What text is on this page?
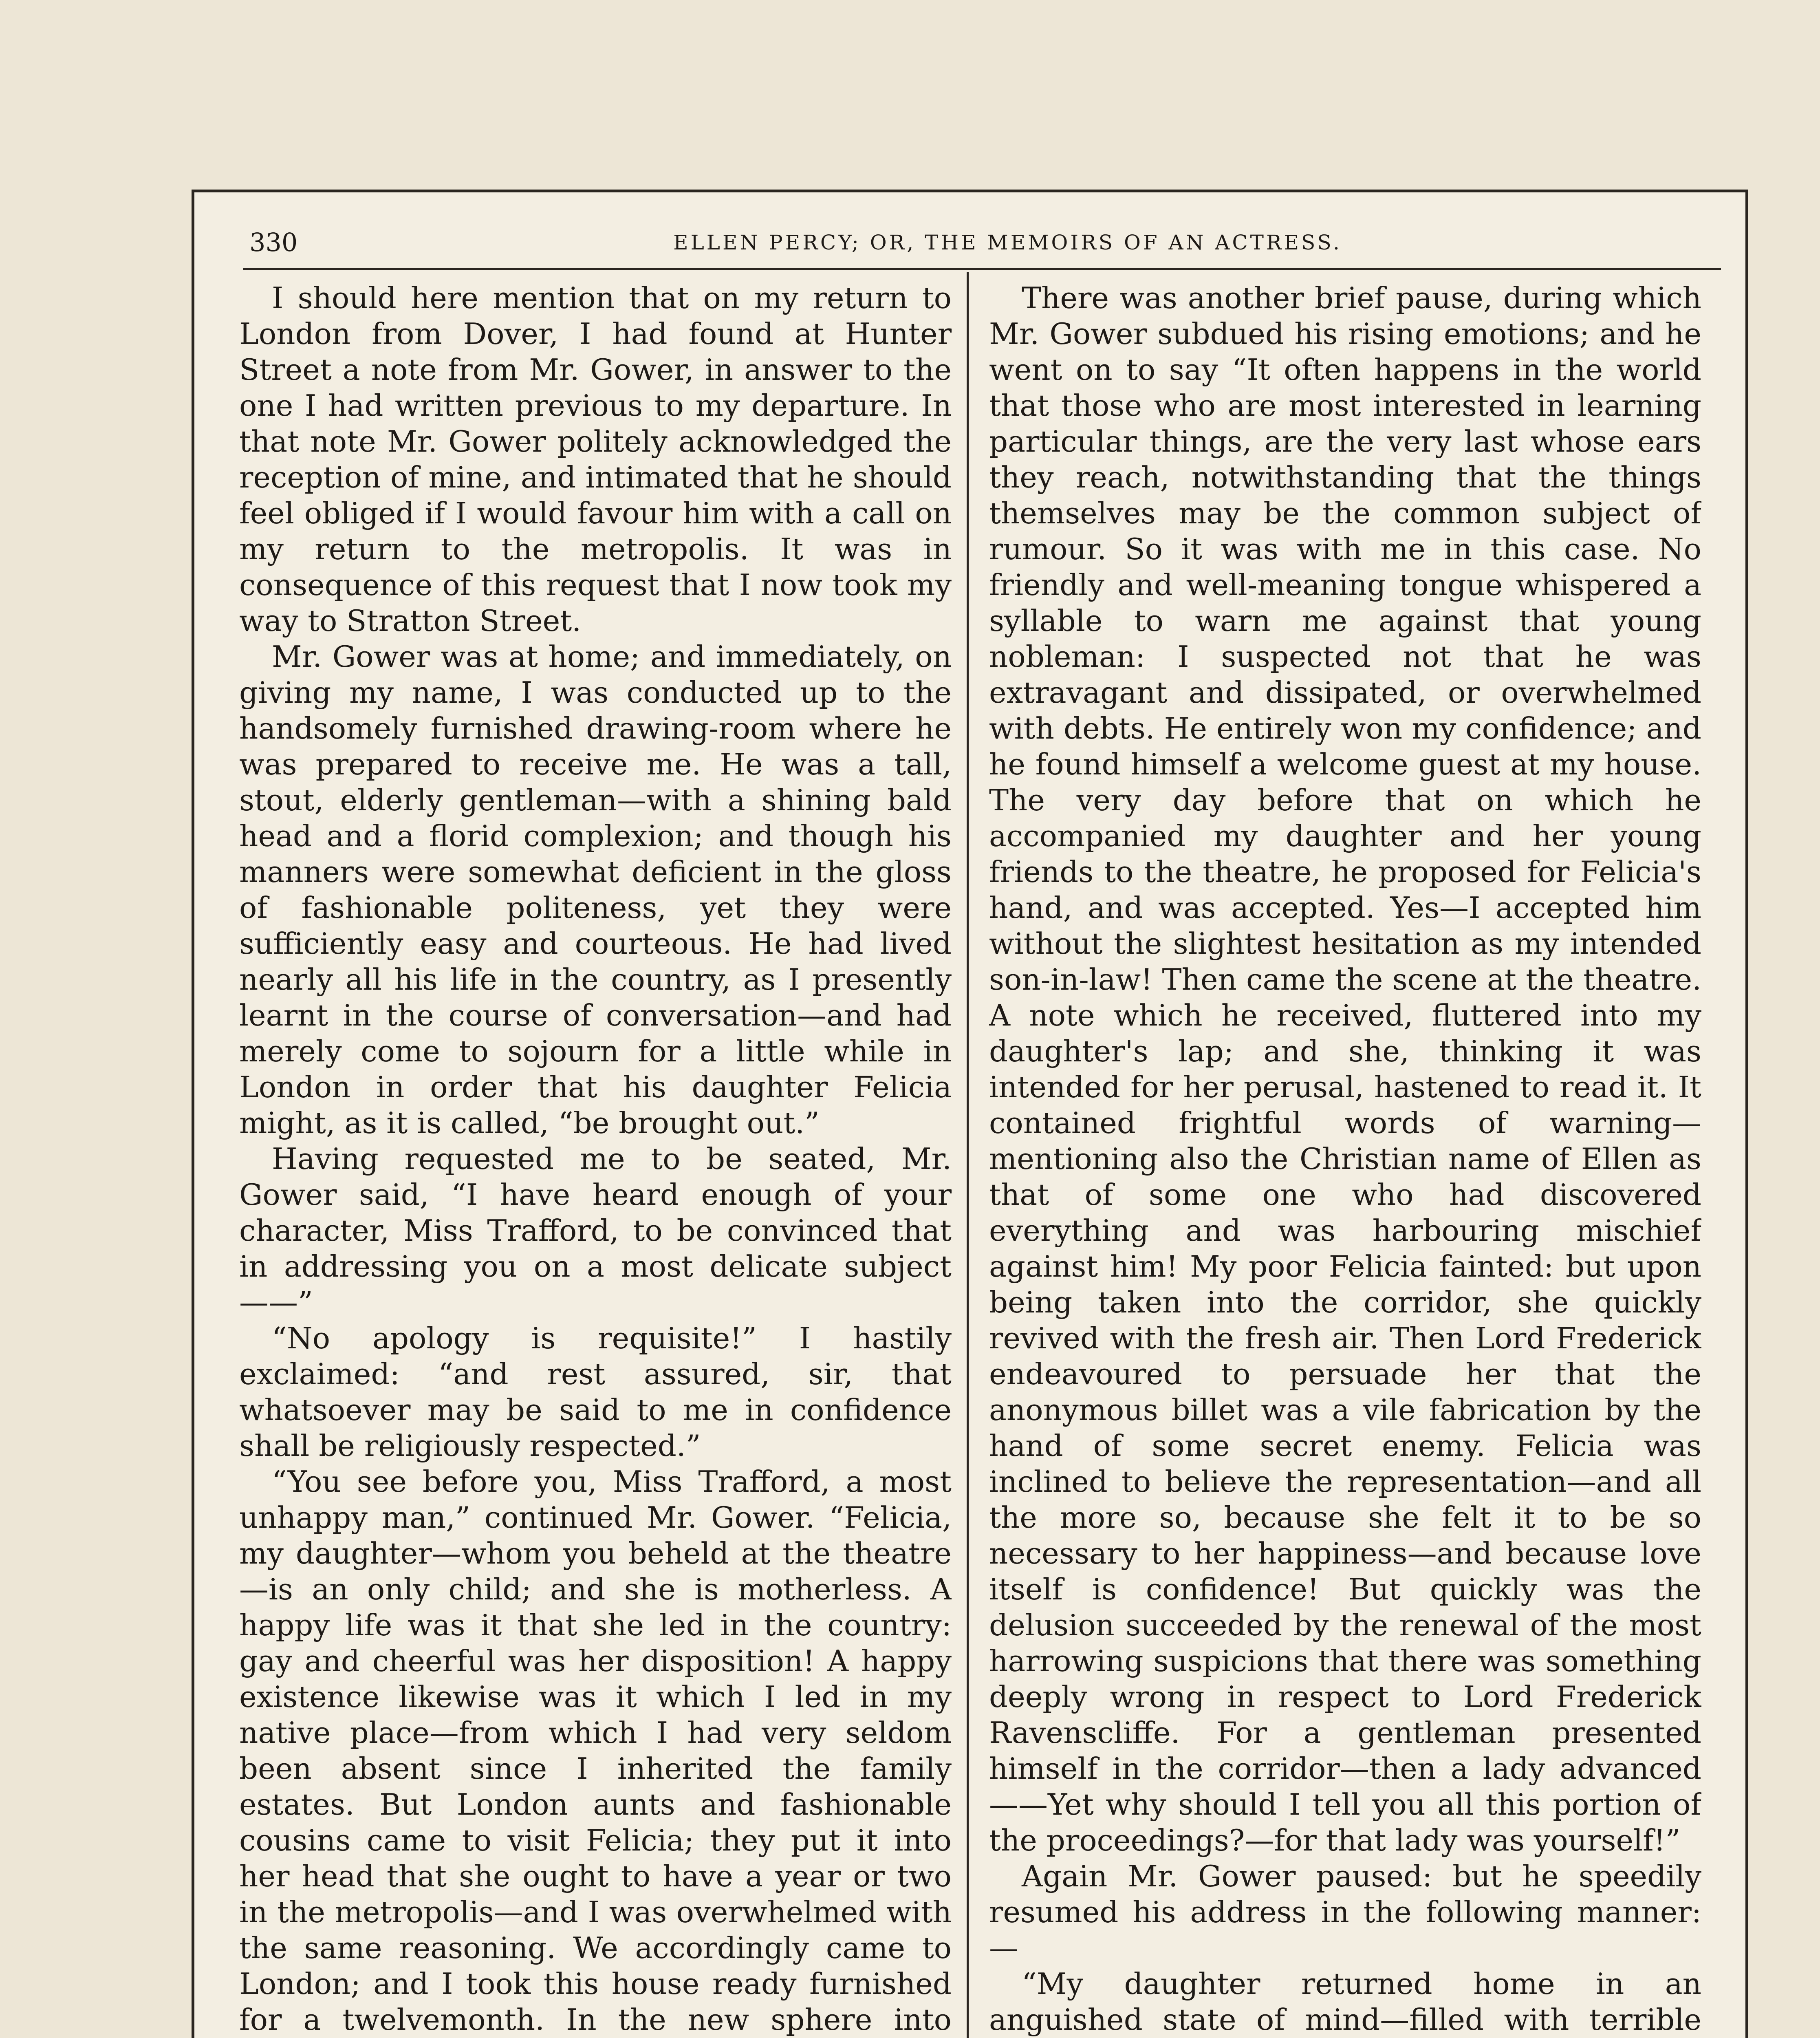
330	ELLEN PERCY; OR, THE MEMOIRS OF AN ACTRESS.

I should here mention that on my return to London from Dover, I had found at Hunter Street a note from Mr. Gower, in answer to the one I had written previous to my departure. In that note Mr. Gower politely acknowledged the reception of mine, and intimated that he should feel obliged if I would favour him with a call on my return to the metropolis. It was in consequence of this request that I now took my way to Stratton Street.

Mr. Gower was at home; and immediately, on giving my name, I was conducted up to the handsomely furnished drawing-room where he was prepared to receive me. He was a tall, stout, elderly gentleman—with a shining bald head and a florid complexion; and though his manners were somewhat deficient in the gloss of fashionable politeness, yet they were sufficiently easy and courteous. He had lived nearly all his life in the country, as I presently learnt in the course of conversation—and had merely come to sojourn for a little while in London in order that his daughter Felicia might, as it is called, “be brought out.”

Having requested me to be seated, Mr. Gower said, “I have heard enough of your character, Miss Trafford, to be convinced that in addressing you on a most delicate subject——”

“No apology is requisite!” I hastily exclaimed: “and rest assured, sir, that whatsoever may be said to me in confidence shall be religiously respected.”

“You see before you, Miss Trafford, a most unhappy man,” continued Mr. Gower. “Felicia, my daughter—whom you beheld at the theatre—is an only child; and she is motherless. A happy life was it that she led in the country: gay and cheerful was her disposition! A happy existence likewise was it which I led in my native place—from which I had very seldom been absent since I inherited the family estates. But London aunts and fashionable cousins came to visit Felicia; they put it into her head that she ought to have a year or two in the metropolis—and I was overwhelmed with the same reasoning. We accordingly came to London; and I took this house ready furnished for a twelvemonth. In the new sphere into

There was another brief pause, during which Mr. Gower subdued his rising emotions; and he went on to say “It often happens in the world that those who are most interested in learning particular things, are the very last whose ears they reach, notwithstanding that the things themselves may be the common subject of rumour. So it was with me in this case. No friendly and well-meaning tongue whispered a syllable to warn me against that young nobleman: I suspected not that he was extravagant and dissipated, or overwhelmed with debts. He entirely won my confidence; and he found himself a welcome guest at my house. The very day before that on which he accompanied my daughter and her young friends to the theatre, he proposed for Felicia's hand, and was accepted. Yes—I accepted him without the slightest hesitation as my intended son-in-law! Then came the scene at the theatre. A note which he received, fluttered into my daughter's lap; and she, thinking it was intended for her perusal, hastened to read it. It contained frightful words of warning—mentioning also the Christian name of Ellen as that of some one who had discovered everything and was harbouring mischief against him! My poor Felicia fainted: but upon being taken into the corridor, she quickly revived with the fresh air. Then Lord Frederick endeavoured to persuade her that the anonymous billet was a vile fabrication by the hand of some secret enemy. Felicia was inclined to believe the representation—and all the more so, because she felt it to be so necessary to her happiness—and because love itself is confidence! But quickly was the delusion succeeded by the renewal of the most harrowing suspicions that there was something deeply wrong in respect to Lord Frederick Ravenscliffe. For a gentleman presented himself in the corridor—then a lady advanced——Yet why should I tell you all this portion of the proceedings?—for that lady was yourself!”

Again Mr. Gower paused: but he speedily resumed his address in the following manner:—

“My daughter returned home in an anguished state of mind—filled with terrible
